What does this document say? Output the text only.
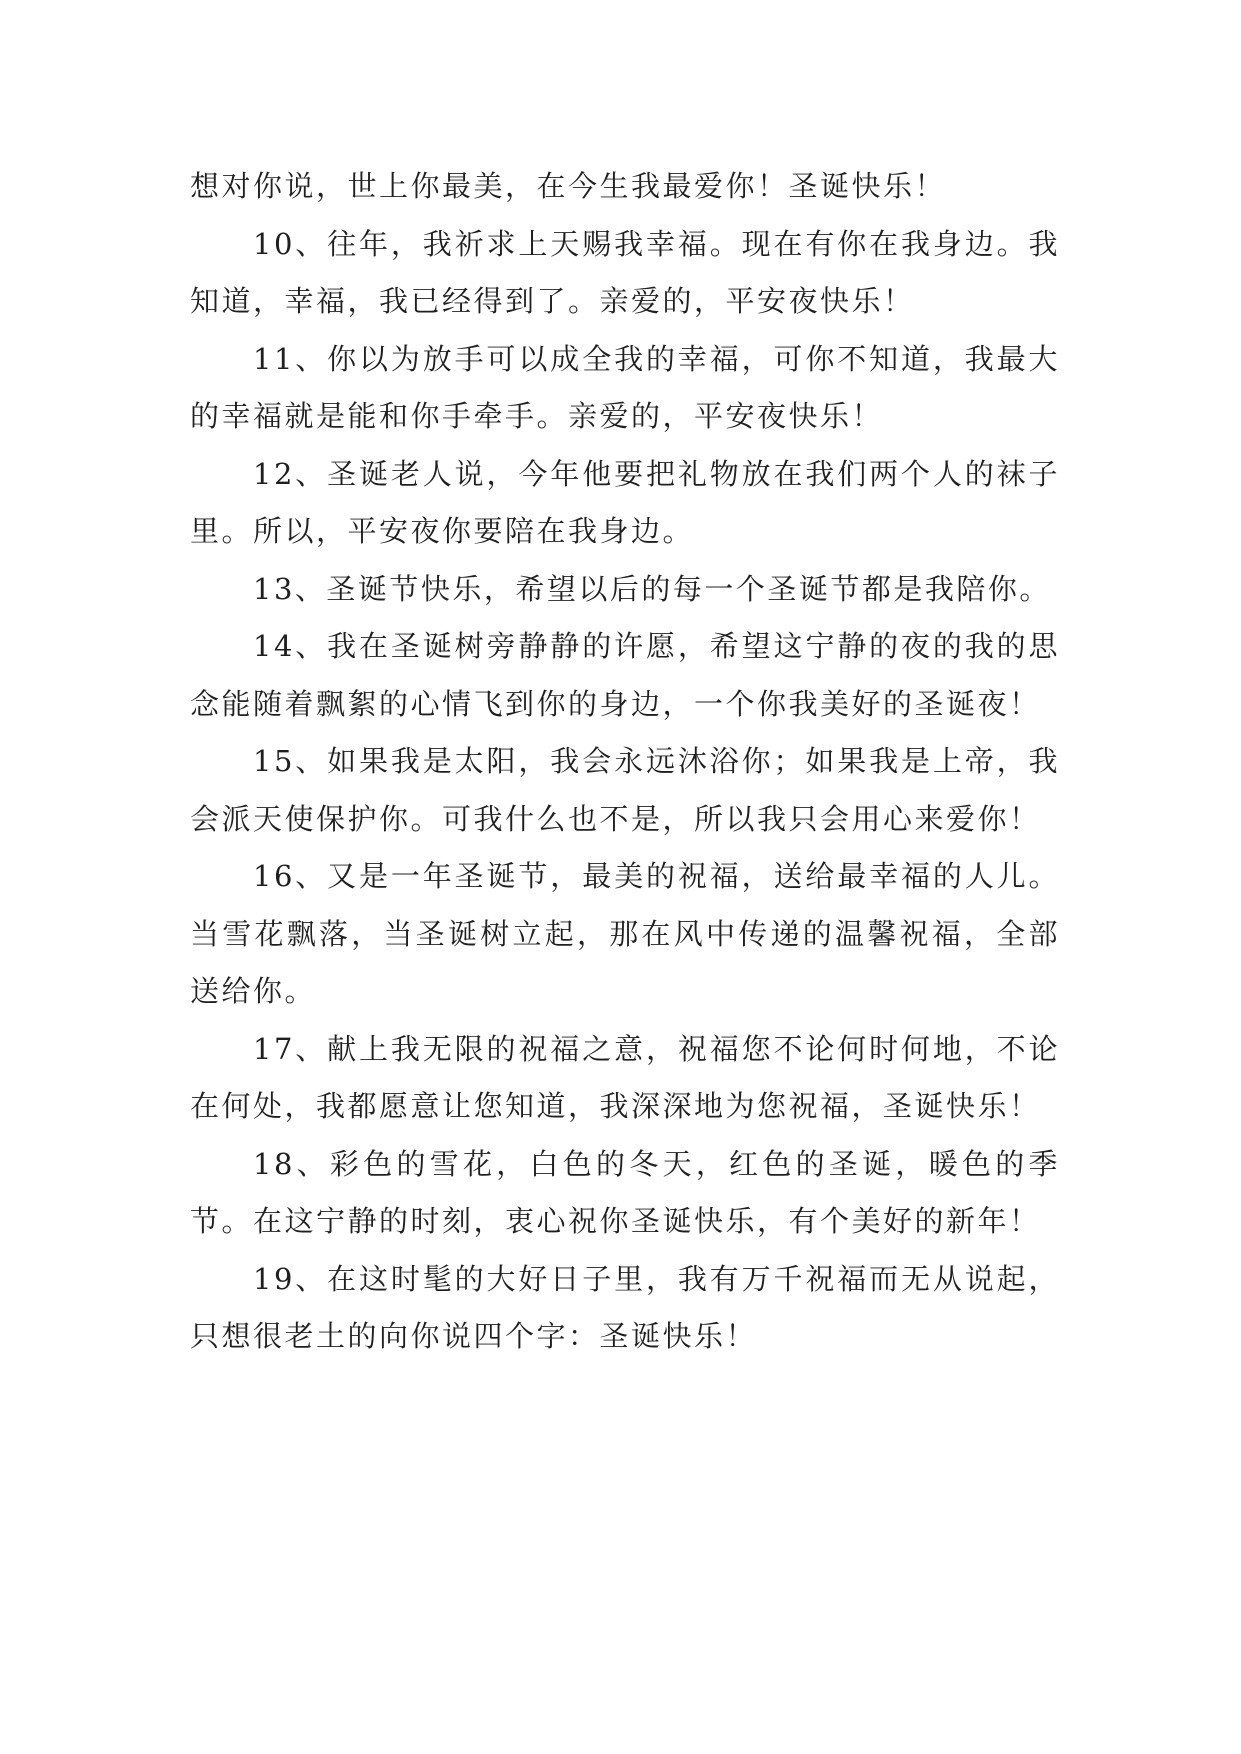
想对你说，世上你最美，在今生我最爱你！圣诞快乐！

10、往年，我祈求上天赐我幸福。现在有你在我身边。我知道，幸福，我已经得到了。亲爱的，平安夜快乐！

11、你以为放手可以成全我的幸福，可你不知道，我最大的幸福就是能和你手牵手。亲爱的，平安夜快乐！

12、圣诞老人说，今年他要把礼物放在我们两个人的袜子里。所以，平安夜你要陪在我身边。

13、圣诞节快乐，希望以后的每一个圣诞节都是我陪你。

14、我在圣诞树旁静静的许愿，希望这宁静的夜的我的思念能随着飘絮的心情飞到你的身边，一个你我美好的圣诞夜！

15、如果我是太阳，我会永远沐浴你；如果我是上帝，我会派天使保护你。可我什么也不是，所以我只会用心来爱你！

16、又是一年圣诞节，最美的祝福，送给最幸福的人儿。当雪花飘落，当圣诞树立起，那在风中传递的温馨祝福，全部送给你。

17、献上我无限的祝福之意，祝福您不论何时何地，不论在何处，我都愿意让您知道，我深深地为您祝福，圣诞快乐！

18、彩色的雪花，白色的冬天，红色的圣诞，暖色的季节。在这宁静的时刻，衷心祝你圣诞快乐，有个美好的新年！

19、在这时髦的大好日子里，我有万千祝福而无从说起，只想很老土的向你说四个字：圣诞快乐！
